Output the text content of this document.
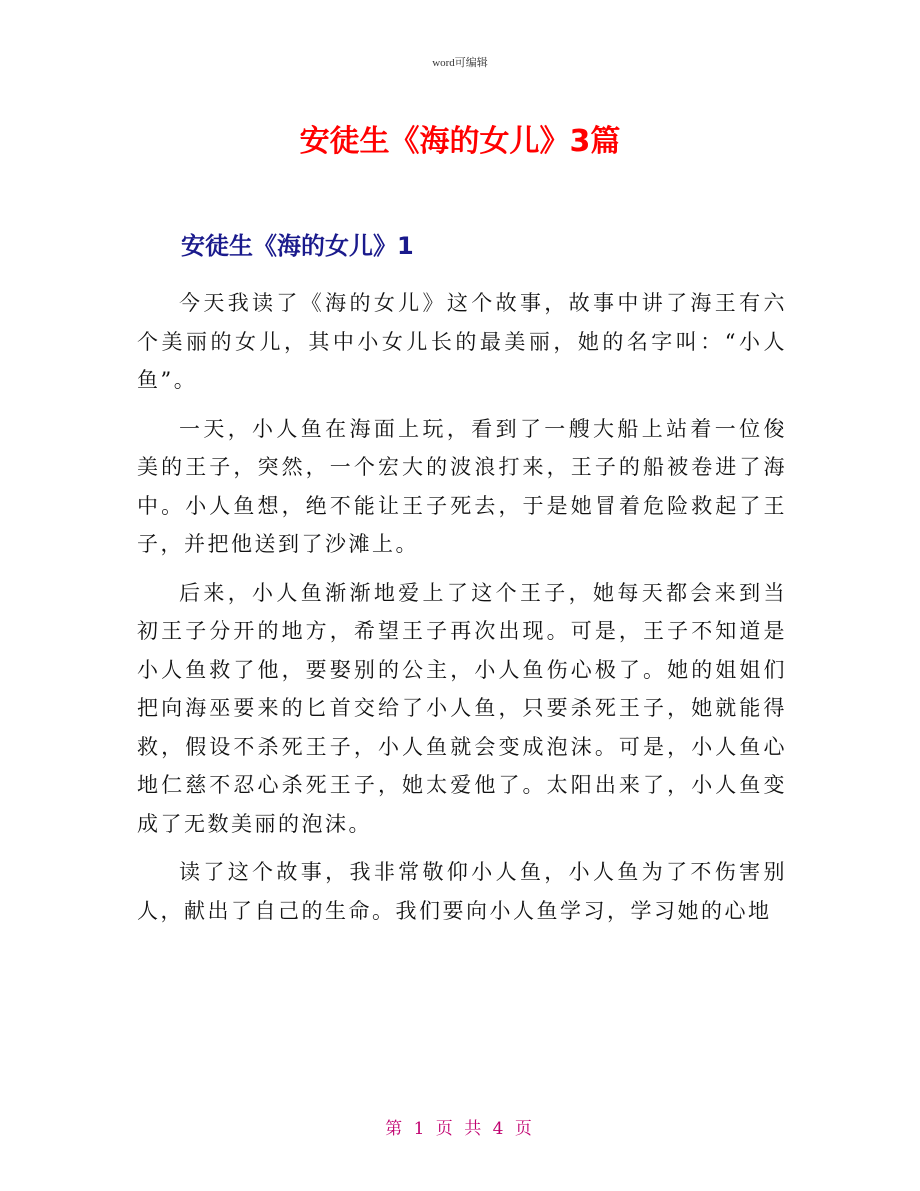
word可编辑
安徒生《海的女儿》3篇
安徒生《海的女儿》1

今天我读了《海的女儿》这个故事，故事中讲了海王有六个美丽的女儿，其中小女儿长的最美丽，她的名字叫：“小人鱼”。

一天，小人鱼在海面上玩，看到了一艘大船上站着一位俊美的王子，突然，一个宏大的波浪打来，王子的船被卷进了海中。小人鱼想，绝不能让王子死去，于是她冒着危险救起了王子，并把他送到了沙滩上。

后来，小人鱼渐渐地爱上了这个王子，她每天都会来到当初王子分开的地方，希望王子再次出现。可是，王子不知道是小人鱼救了他，要娶别的公主，小人鱼伤心极了。她的姐姐们把向海巫要来的匕首交给了小人鱼，只要杀死王子，她就能得救，假设不杀死王子，小人鱼就会变成泡沫。可是，小人鱼心地仁慈不忍心杀死王子，她太爱他了。太阳出来了，小人鱼变成了无数美丽的泡沫。

读了这个故事，我非常敬仰小人鱼，小人鱼为了不伤害别人，献出了自己的生命。我们要向小人鱼学习，学习她的心地

第 1 页 共 4 页
